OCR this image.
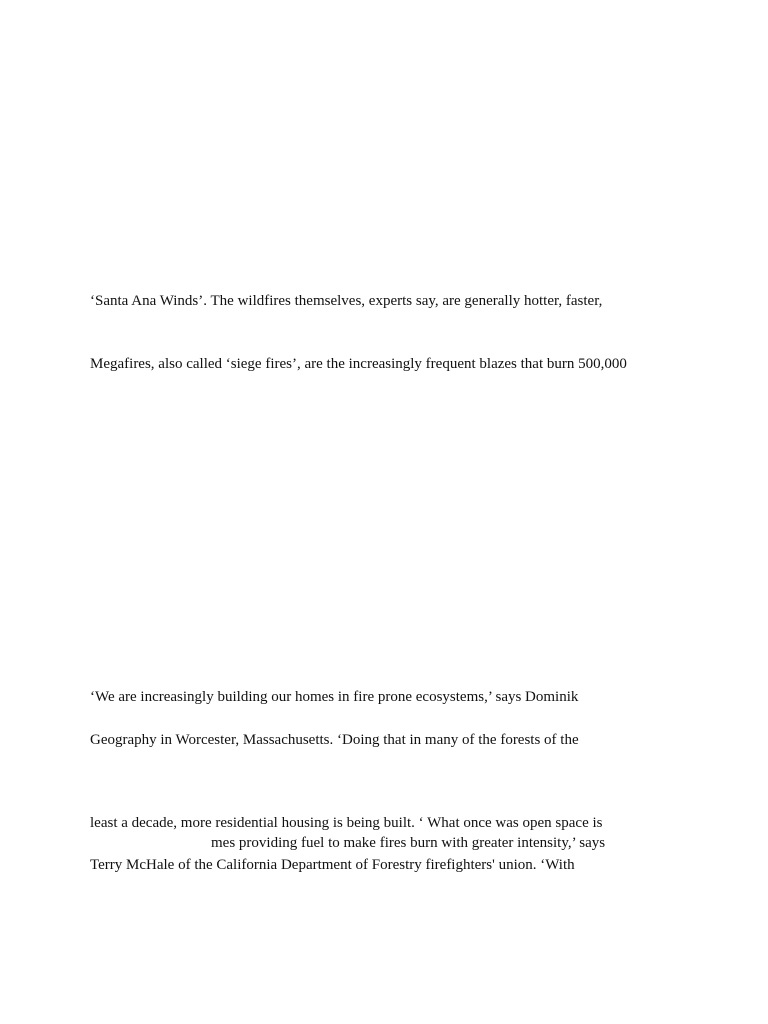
‘Santa Ana Winds’. The wildfires themselves, experts say, are generally hotter, faster,
Megafires, also called ‘siege fires’, are the increasingly frequent blazes that burn 500,000
‘We are increasingly building our homes in fire prone ecosystems,’ says Dominik
Geography in Worcester, Massachusetts. ‘Doing that in many of the forests of the
least a decade, more residential housing is being built. ‘ What once was open space is
mes providing fuel to make fires burn with greater intensity,’ says
Terry McHale of the California Department of Forestry firefighters' union. ‘With
